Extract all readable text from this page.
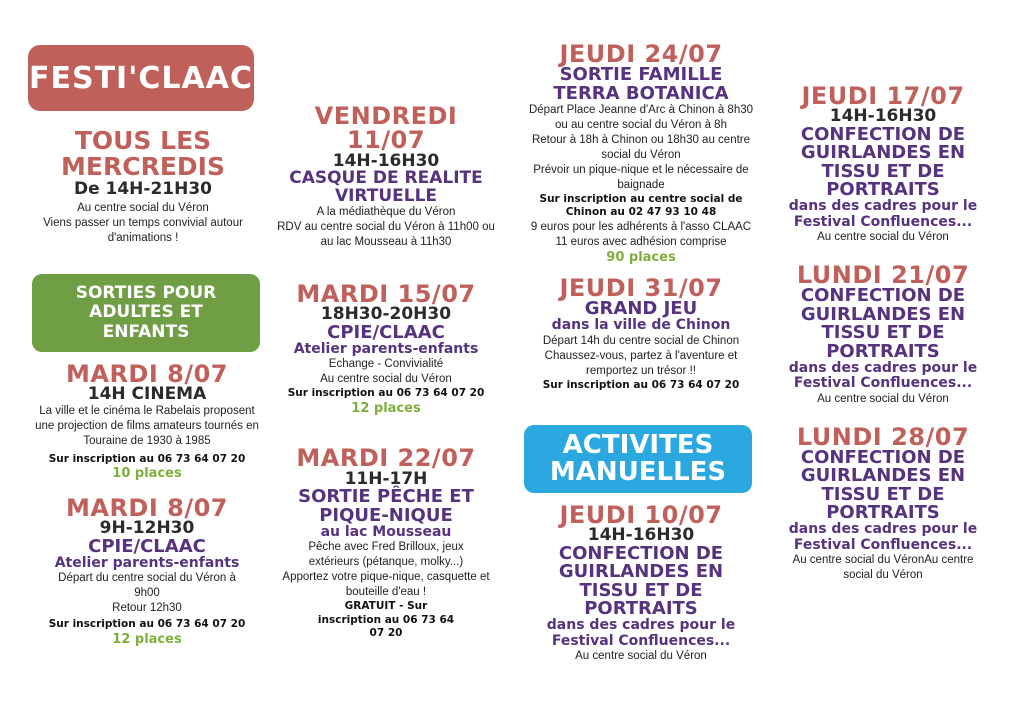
FESTI'CLAAC

TOUS LES MERCREDIS

De 14H-21H30

Au centre social du Véron
Viens passer un temps convivial autour d'animations !
SORTIES POUR ADULTES ET ENFANTS

MARDI 8/07

14H CINEMA

La ville et le cinéma le Rabelais proposent une projection de films amateurs tournés en Touraine de 1930 à 1985
Sur inscription au 06 73 64 07 20
10 places

MARDI 8/07

9H-12H30

CPIE/CLAAC

Atelier parents-enfants
Départ du centre social du Véron à 9h00
Retour 12h30
Sur inscription au 06 73 64 07 20
12 places

VENDREDI 11/07

14H-16H30

CASQUE DE REALITE VIRTUELLE

A la médiathèque du Véron
RDV au centre social du Véron à 11h00 ou au lac Mousseau à 11h30

MARDI 15/07

18H30-20H30

CPIE/CLAAC

Atelier parents-enfants
Echange - Convivialité
Au centre social du Véron
Sur inscription au 06 73 64 07 20
12 places

MARDI 22/07

11H-17H

SORTIE PÊCHE ET PIQUE-NIQUE

au lac Mousseau
Pêche avec Fred Brilloux, jeux extérieurs (pétanque, molky...)
Apportez votre pique-nique, casquette et bouteille d'eau !
GRATUIT - Sur inscription au 06 73 64 07 20

JEUDI 24/07

SORTIE FAMILLE TERRA BOTANICA

Départ Place Jeanne d'Arc à Chinon à 8h30 ou au centre social du Véron à 8h
Retour à 18h à Chinon ou 18h30 au centre social du Véron
Prévoir un pique-nique et le nécessaire de baignade
Sur inscription au centre social de Chinon au 02 47 93 10 48
9 euros pour les adhérents à l'asso CLAAC
11 euros avec adhésion comprise
90 places

JEUDI 31/07

GRAND JEU

dans la ville de Chinon
Départ 14h du centre social de Chinon
Chaussez-vous, partez à l'aventure et remportez un trésor !!
Sur inscription au 06 73 64 07 20
ACTIVITES MANUELLES

JEUDI 10/07

14H-16H30

CONFECTION DE GUIRLANDES EN TISSU ET DE PORTRAITS

dans des cadres pour le Festival Confluences...
Au centre social du Véron

JEUDI 17/07

14H-16H30

CONFECTION DE GUIRLANDES EN TISSU ET DE PORTRAITS

dans des cadres pour le Festival Confluences...
Au centre social du Véron

LUNDI 21/07

CONFECTION DE GUIRLANDES EN TISSU ET DE PORTRAITS

dans des cadres pour le Festival Confluences...
Au centre social du Véron

LUNDI 28/07

CONFECTION DE GUIRLANDES EN TISSU ET DE PORTRAITS

dans des cadres pour le Festival Confluences...
Au centre social du VéronAu centre social du Véron
